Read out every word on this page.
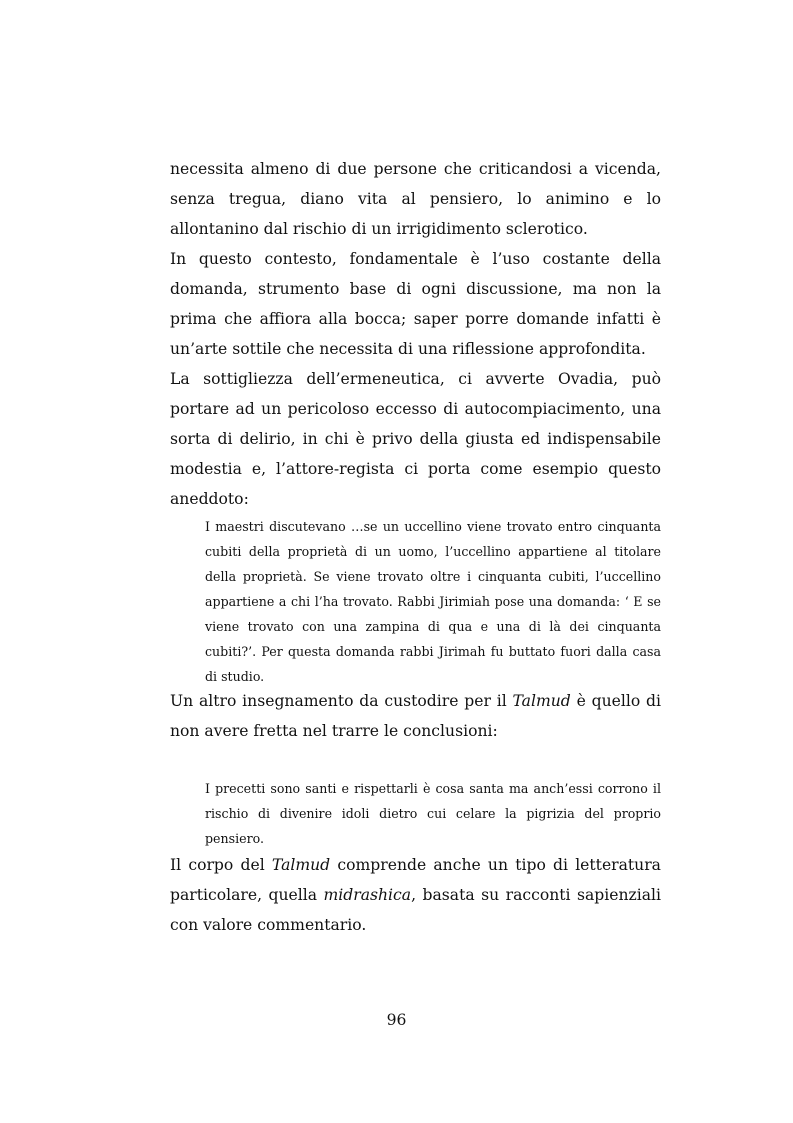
necessita almeno di due persone che criticandosi a vicenda, senza tregua, diano vita al pensiero, lo animino e lo allontanino dal rischio di un irrigidimento sclerotico.

In questo contesto, fondamentale è l’uso costante della domanda, strumento base di ogni discussione, ma non la prima che affiora alla bocca; saper porre domande infatti è un’arte sottile che necessita di una riflessione approfondita.

La sottigliezza dell’ermeneutica, ci avverte Ovadia, può portare ad un pericoloso eccesso di autocompiacimento, una sorta di delirio, in chi è privo della giusta ed indispensabile modestia e, l’attore-regista ci porta come esempio questo aneddoto:

I maestri discutevano …se un uccellino viene trovato entro cinquanta cubiti della proprietà di un uomo, l’uccellino appartiene al titolare della proprietà. Se viene trovato oltre i cinquanta cubiti, l’uccellino appartiene a chi l’ha trovato. Rabbi Jirimiah pose una domanda: ‘ E se viene trovato con una zampina di qua e una di là dei cinquanta cubiti?’. Per questa domanda rabbi Jirimah fu buttato fuori dalla casa di studio.

Un altro insegnamento da custodire per il Talmud è quello di non avere fretta nel trarre le conclusioni:

I precetti sono santi e rispettarli è cosa santa ma anch’essi corrono il rischio di divenire idoli dietro cui celare la pigrizia del proprio pensiero.

Il corpo del Talmud comprende anche un tipo di letteratura particolare, quella midrashica, basata su racconti sapienziali con valore commentario.

96
